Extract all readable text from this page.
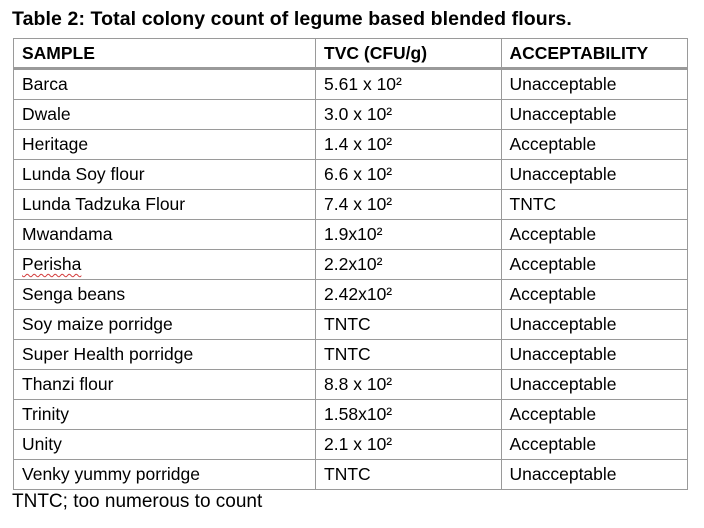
Table 2: Total colony count of legume based blended flours.
SAMPLE	TVC (CFU/g)	ACCEPTABILITY
Barca	5.61 x 10²	Unacceptable
Dwale	3.0 x 10²	Unacceptable
Heritage	1.4 x 10²	Acceptable
Lunda Soy flour	6.6 x 10²	Unacceptable
Lunda Tadzuka Flour	7.4 x 10²	TNTC
Mwandama	1.9x10²	Acceptable
Perisha	2.2x10²	Acceptable
Senga beans	2.42x10²	Acceptable
Soy maize porridge	TNTC	Unacceptable
Super Health porridge	TNTC	Unacceptable
Thanzi flour	8.8 x 10²	Unacceptable
Trinity	1.58x10²	Acceptable
Unity	2.1 x 10²	Acceptable
Venky yummy porridge	TNTC	Unacceptable
TNTC; too numerous to count
